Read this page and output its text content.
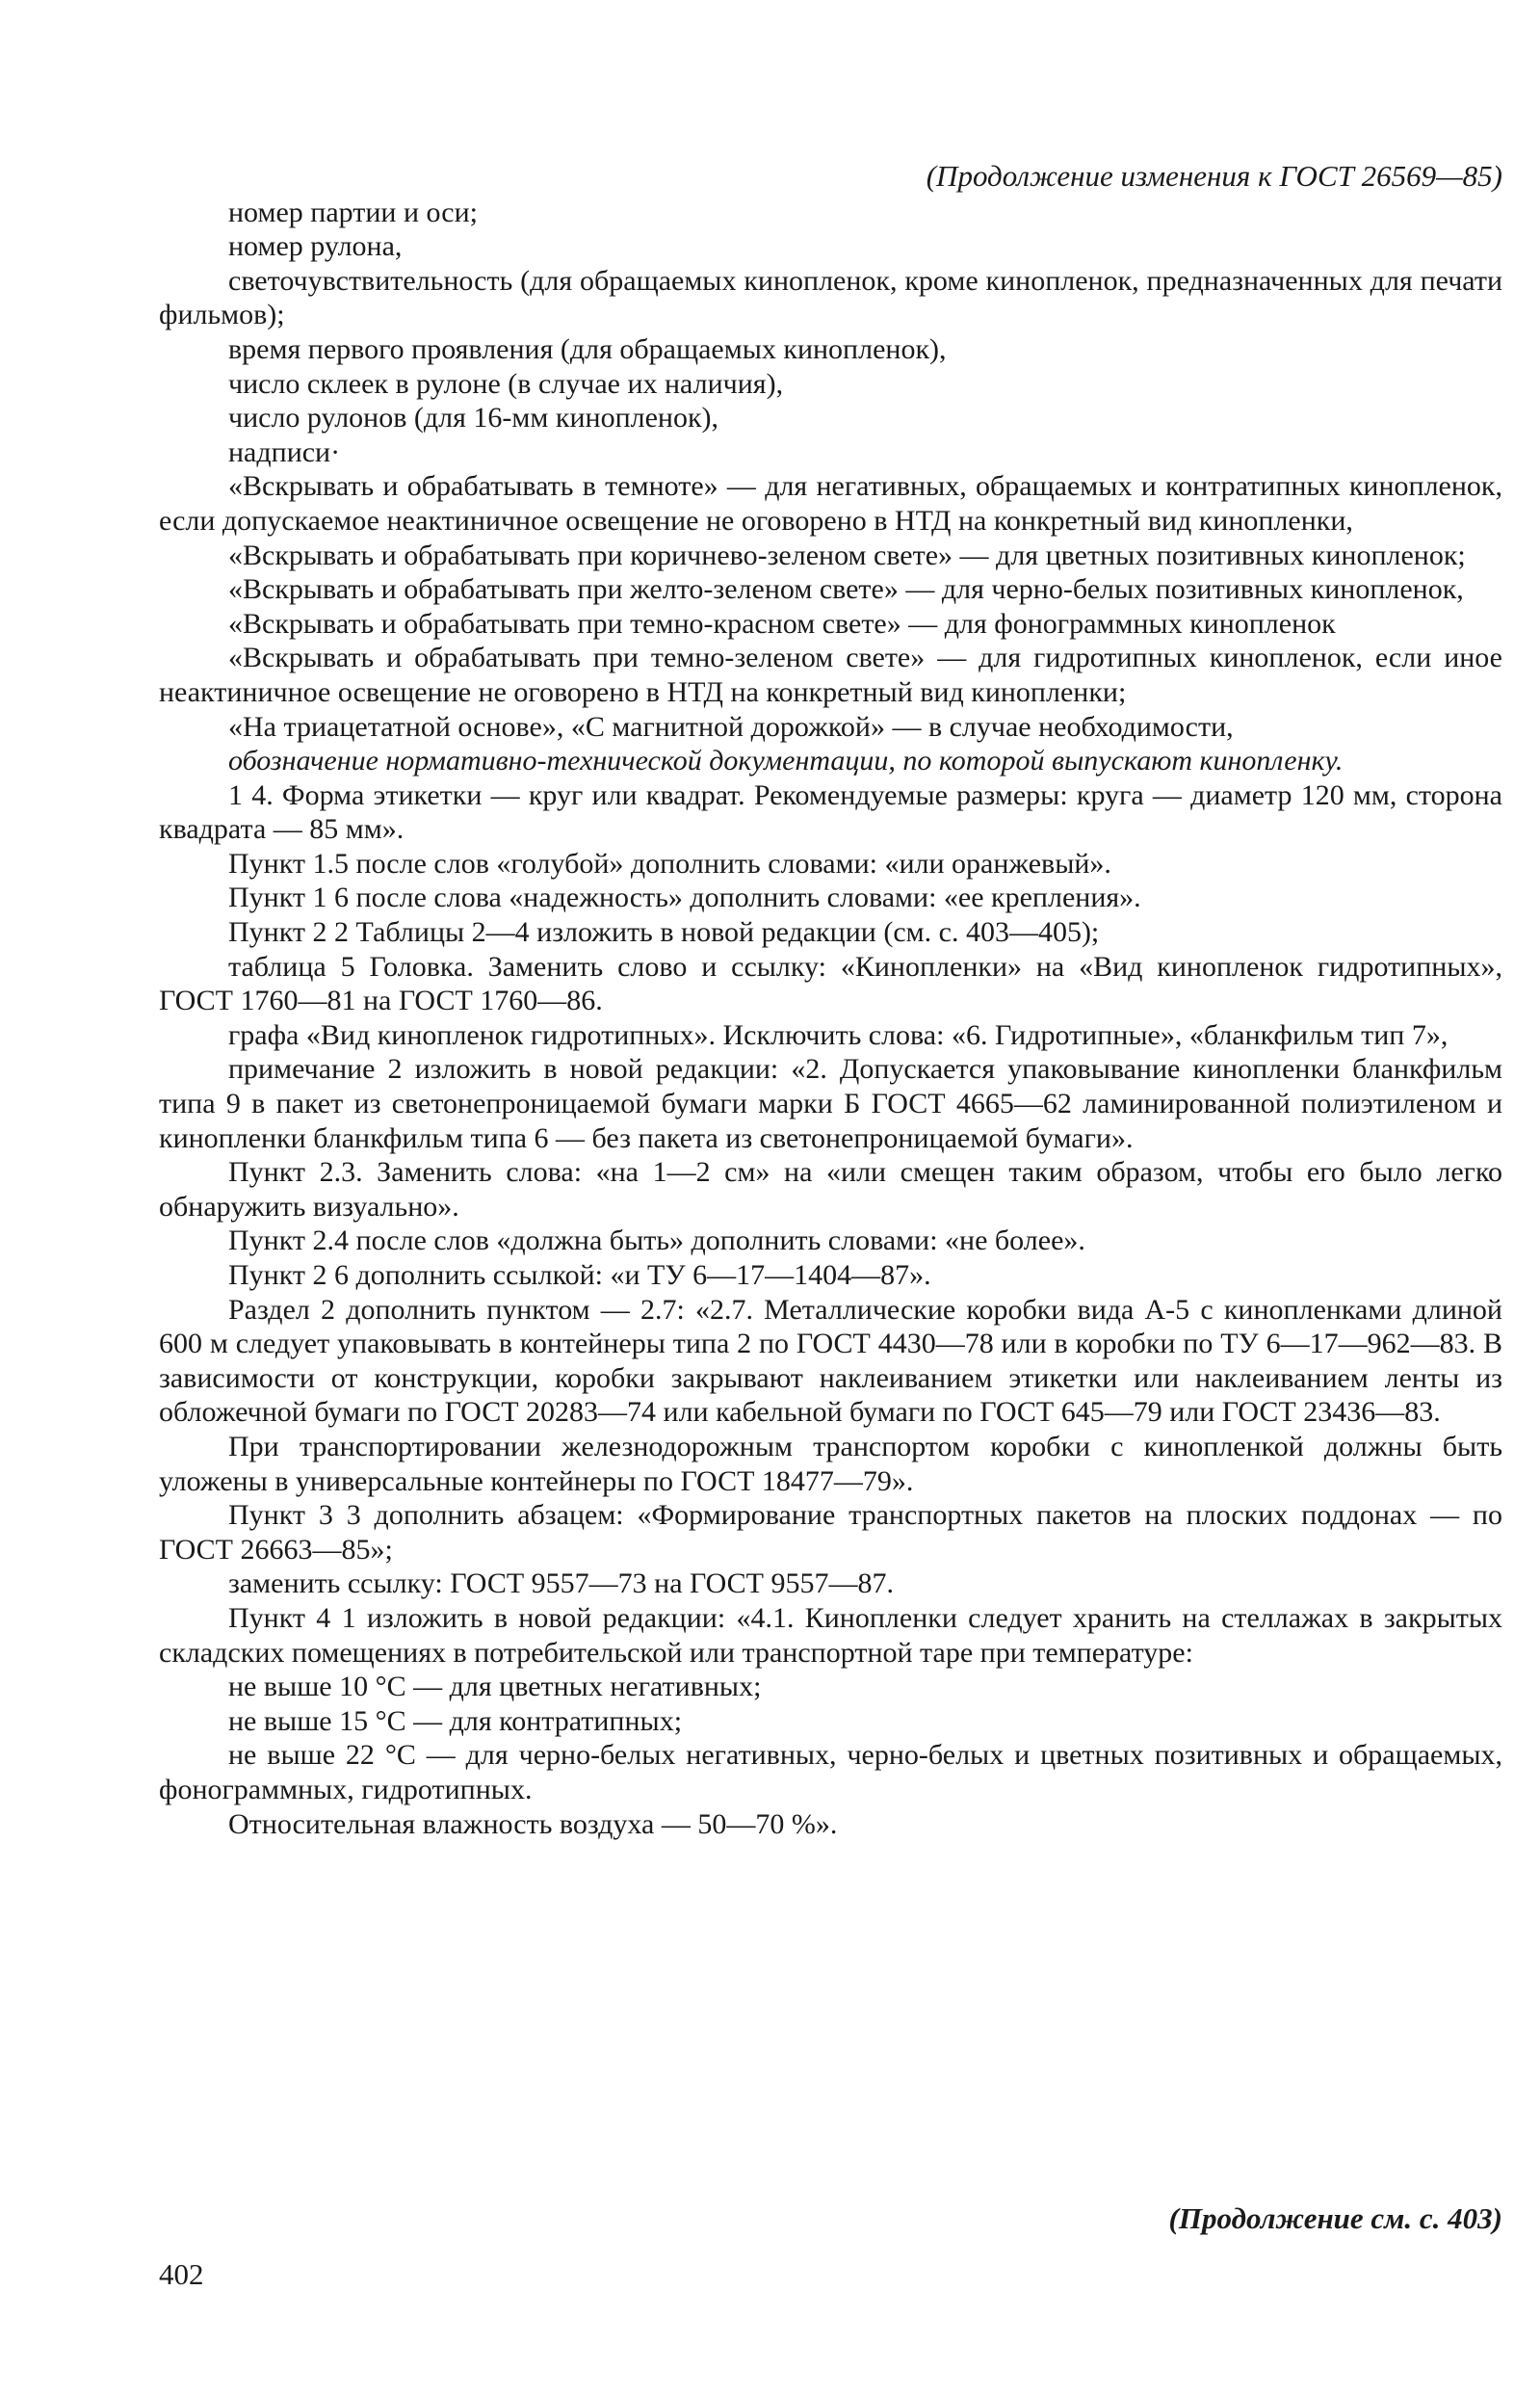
(Продолжение изменения к ГОСТ 26569—85)

номер партии и оси;

номер рулона,

светочувствительность (для обращаемых кинопленок, кроме кинопленок, предназначенных для печати фильмов);

время первого проявления (для обращаемых кинопленок),

число склеек в рулоне (в случае их наличия),

число рулонов (для 16-мм кинопленок),

надписи·

«Вскрывать и обрабатывать в темноте» — для негативных, обращаемых и контратипных кинопленок, если допускаемое неактиничное освещение не оговорено в НТД на конкретный вид кинопленки,

«Вскрывать и обрабатывать при коричнево-зеленом свете» — для цветных позитивных кинопленок;

«Вскрывать и обрабатывать при желто-зеленом свете» — для черно-белых позитивных кинопленок,

«Вскрывать и обрабатывать при темно-красном свете» — для фонограммных кинопленок

«Вскрывать и обрабатывать при темно-зеленом свете» — для гидротипных кинопленок, если иное неактиничное освещение не оговорено в НТД на конкретный вид кинопленки;

«На триацетатной основе», «С магнитной дорожкой» — в случае необходимости,

обозначение нормативно-технической документации, по которой выпускают кинопленку.

1 4. Форма этикетки — круг или квадрат. Рекомендуемые размеры: круга — диаметр 120 мм, сторона квадрата — 85 мм».

Пункт 1.5 после слов «голубой» дополнить словами: «или оранжевый».

Пункт 1 6 после слова «надежность» дополнить словами: «ее крепления».

Пункт 2 2 Таблицы 2—4 изложить в новой редакции (см. с. 403—405);

таблица 5 Головка. Заменить слово и ссылку: «Кинопленки» на «Вид кинопленок гидротипных», ГОСТ 1760—81 на ГОСТ 1760—86.

графа «Вид кинопленок гидротипных». Исключить слова: «6. Гидротипные», «бланкфильм тип 7»,

примечание 2 изложить в новой редакции: «2. Допускается упаковывание кинопленки бланкфильм типа 9 в пакет из светонепроницаемой бумаги марки Б ГОСТ 4665—62 ламинированной полиэтиленом и кинопленки бланкфильм типа 6 — без пакета из светонепроницаемой бумаги».

Пункт 2.3. Заменить слова: «на 1—2 см» на «или смещен таким образом, чтобы его было легко обнаружить визуально».

Пункт 2.4 после слов «должна быть» дополнить словами: «не более».

Пункт 2 6 дополнить ссылкой: «и ТУ 6—17—1404—87».

Раздел 2 дополнить пунктом — 2.7: «2.7. Металлические коробки вида А-5 с кинопленками длиной 600 м следует упаковывать в контейнеры типа 2 по ГОСТ 4430—78 или в коробки по ТУ 6—17—962—83. В зависимости от конструкции, коробки закрывают наклеиванием этикетки или наклеиванием ленты из обложечной бумаги по ГОСТ 20283—74 или кабельной бумаги по ГОСТ 645—79 или ГОСТ 23436—83.

При транспортировании железнодорожным транспортом коробки с кинопленкой должны быть уложены в универсальные контейнеры по ГОСТ 18477—79».

Пункт 3 3 дополнить абзацем: «Формирование транспортных пакетов на плоских поддонах — по ГОСТ 26663—85»;

заменить ссылку: ГОСТ 9557—73 на ГОСТ 9557—87.

Пункт 4 1 изложить в новой редакции: «4.1. Кинопленки следует хранить на стеллажах в закрытых складских помещениях в потребительской или транспортной таре при температуре:

не выше 10 °С — для цветных негативных;

не выше 15 °С — для контратипных;

не выше 22 °С — для черно-белых негативных, черно-белых и цветных позитивных и обращаемых, фонограммных, гидротипных.

Относительная влажность воздуха — 50—70 %».

(Продолжение см. с. 403)
402
